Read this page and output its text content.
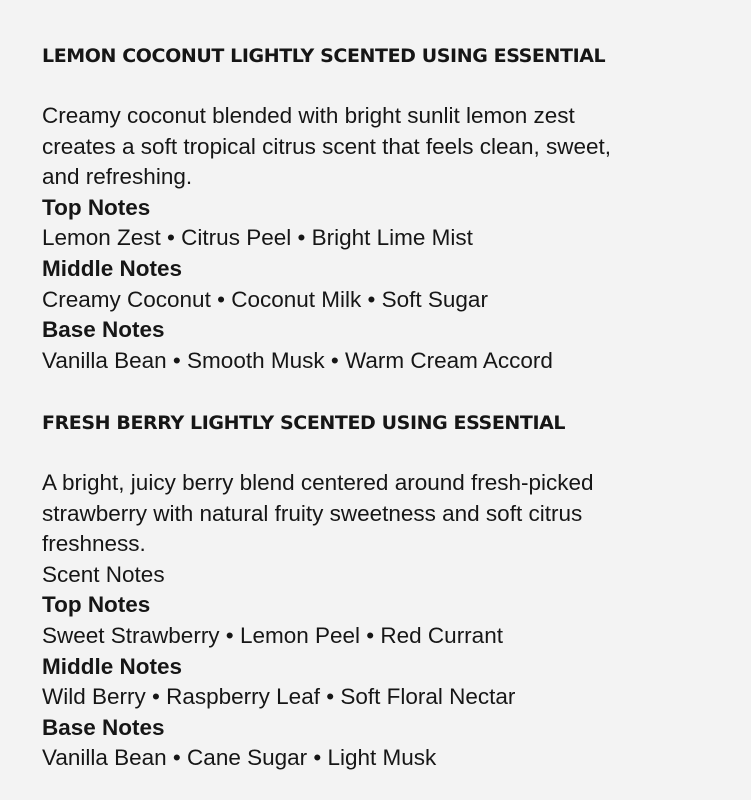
LEMON COCONUT LIGHTLY SCENTED USING ESSENTIAL

Creamy coconut blended with bright sunlit lemon zest
creates a soft tropical citrus scent that feels clean, sweet,
and refreshing.

Top Notes

Lemon Zest • Citrus Peel • Bright Lime Mist

Middle Notes

Creamy Coconut • Coconut Milk • Soft Sugar

Base Notes

Vanilla Bean • Smooth Musk • Warm Cream Accord

FRESH BERRY LIGHTLY SCENTED USING ESSENTIAL

A bright, juicy berry blend centered around fresh-picked
strawberry with natural fruity sweetness and soft citrus
freshness.

Scent Notes

Top Notes

Sweet Strawberry • Lemon Peel • Red Currant

Middle Notes

Wild Berry • Raspberry Leaf • Soft Floral Nectar

Base Notes

Vanilla Bean • Cane Sugar • Light Musk
